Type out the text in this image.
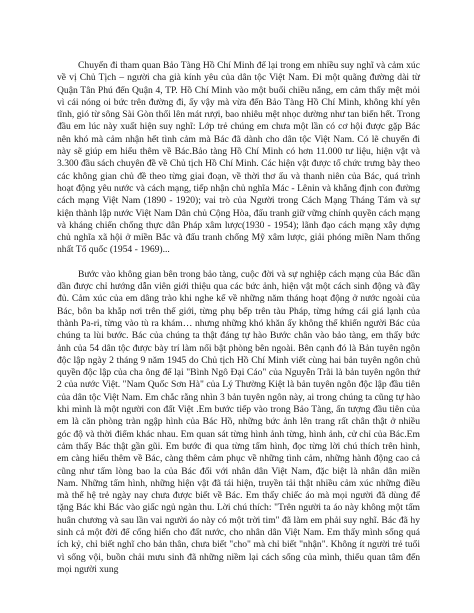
Chuyến đi tham quan Bảo Tàng Hồ Chí Minh để lại trong em nhiều suy nghĩ và cảm xúc về vị Chủ Tịch – người cha già kính yêu của dân tộc Việt Nam. Đi một quãng đường dài từ Quận Tân Phú đến Quận 4, TP. Hồ Chí Minh vào một buổi chiều nắng, em cảm thấy mệt mỏi vì cái nóng oi bức trên đường đi, ấy vậy mà vừa đến Bảo Tàng Hồ Chí Minh, không khí yên tĩnh, gió từ sông Sài Gòn thổi lên mát rượi, bao nhiêu mệt nhọc dường như tan biến hết. Trong đầu em lúc này xuất hiện suy nghĩ: Lớp trẻ chúng em chưa một lần có cơ hội được gặp Bác nên khó mà cảm nhận hết tình cảm mà Bác đã dành cho dân tộc Việt Nam. Có lẽ chuyến đi này sẽ giúp em hiểu thêm về Bác.Bảo tàng Hồ Chí Minh có hơn 11.000 tư liệu, hiện vật và 3.300 đầu sách chuyên đề về Chủ tịch Hồ Chí Minh. Các hiện vật được tổ chức trưng bày theo các không gian chủ đề theo từng giai đoạn, về thời thơ ấu và thanh niên của Bác, quá trình hoạt động yêu nước và cách mạng, tiếp nhận chủ nghĩa Mác - Lênin và khẳng định con đường cách mạng Việt Nam (1890 - 1920); vai trò của Người trong Cách Mạng Tháng Tám và sự kiện thành lập nước Việt Nam Dân chủ Cộng Hòa, đấu tranh giữ vững chính quyền cách mạng và kháng chiến chống thực dân Pháp xâm lược(1930 - 1954); lãnh đạo cách mạng xây dựng chủ nghĩa xã hội ở miền Bắc và đấu tranh chống Mỹ xâm lược, giải phóng miền Nam thống nhất Tổ quốc (1954 - 1969)...

Bước vào không gian bên trong bảo tàng, cuộc đời và sự nghiệp cách mạng của Bác dần dần được chỉ hướng dẫn viên giới thiệu qua các bức ảnh, hiện vật một cách sinh động và đầy đủ. Cảm xúc của em dâng trào khi nghe kể về những năm tháng hoạt động ở nước ngoài của Bác, bôn ba khắp nơi trên thế giới, từng phụ bếp trên tàu Pháp, từng hứng cái giá lạnh của thành Pa-ri, từng vào tù ra khám… nhưng những khó khăn ấy không thể khiến người Bác của chúng ta lùi bước. Bác của chúng ta thật đáng tự hào Bước chân vào bảo tàng, em thấy bức ảnh của 54 dân tộc được bày trí làm nổi bật phòng bên ngoài. Bên cạnh đó là Bản tuyên ngôn độc lập ngày 2 tháng 9 năm 1945 do Chủ tịch Hồ Chí Minh viết cùng hai bản tuyên ngôn chủ quyền độc lập của cha ông để lại "Bình Ngô Đại Cáo" của Nguyễn Trãi là bản tuyên ngôn thứ 2 của nước Việt. "Nam Quốc Sơn Hà" của Lý Thường Kiệt là bản tuyên ngôn độc lập đầu tiên của dân tộc Việt Nam. Em chắc rằng nhìn 3 bản tuyên ngôn này, ai trong chúng ta cũng tự hào khi mình là một người con đất Việt .Em bước tiếp vào trong Bảo Tàng, ấn tượng đầu tiên của em là căn phòng tràn ngập hình của Bác Hồ, những bức ảnh lên trang rất chân thật ở nhiều góc độ và thời điểm khác nhau. Em quan sát từng hình ảnh từng, hình ảnh, cử chỉ của Bác.Em cảm thấy Bác thật gần gũi. Em bước đi qua từng tấm hình, đọc từng lời chú thích trên hình, em càng hiểu thêm về Bác, càng thêm cảm phục về những tình cảm, những hành động cao cả cũng như tấm lòng bao la của Bác đối với nhân dân Việt Nam, đặc biệt là nhân dân miền Nam. Những tấm hình, những hiện vật đã tái hiện, truyền tải thật nhiều cảm xúc những điều mà thế hệ trẻ ngày nay chưa được biết về Bác. Em thấy chiếc áo mà mọi người đã dùng để tặng Bác khi Bác vào giấc ngủ ngàn thu. Lời chú thích: "Trên người ta áo này không một tấm huân chương và sau lần vai người áo này có một trời tim" đã làm em phải suy nghĩ. Bác đã hy sinh cả một đời để cống hiến cho đất nước, cho nhân dân Việt Nam. Em thấy mình sống quá ích kỷ, chỉ biết nghĩ cho bản thân, chưa biết "cho" mà chỉ biết "nhận". Không ít người trẻ tuổi vì sống vội, buồn chải mưu sinh đã những niềm lại cách sống của mình, thiếu quan tâm đến mọi người xung
